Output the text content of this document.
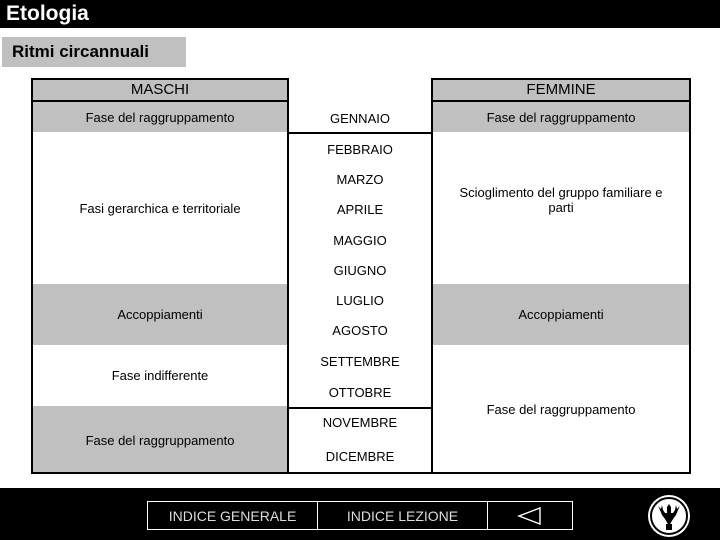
Etologia
Ritmi circannuali
MASCHI	FEMMINE
Fase del raggruppamento
Fasi gerarchica e territoriale
Accoppiamenti
Fase indifferente
Fase del raggruppamento
Fase del raggruppamento
Scioglimento del gruppo familiare e parti
Accoppiamenti
Fase del raggruppamento
GENNAIO
FEBBRAIO
MARZO
APRILE
MAGGIO
GIUGNO
LUGLIO
AGOSTO
SETTEMBRE
OTTOBRE
NOVEMBRE
DICEMBRE
INDICE GENERALE	INDICE LEZIONE
